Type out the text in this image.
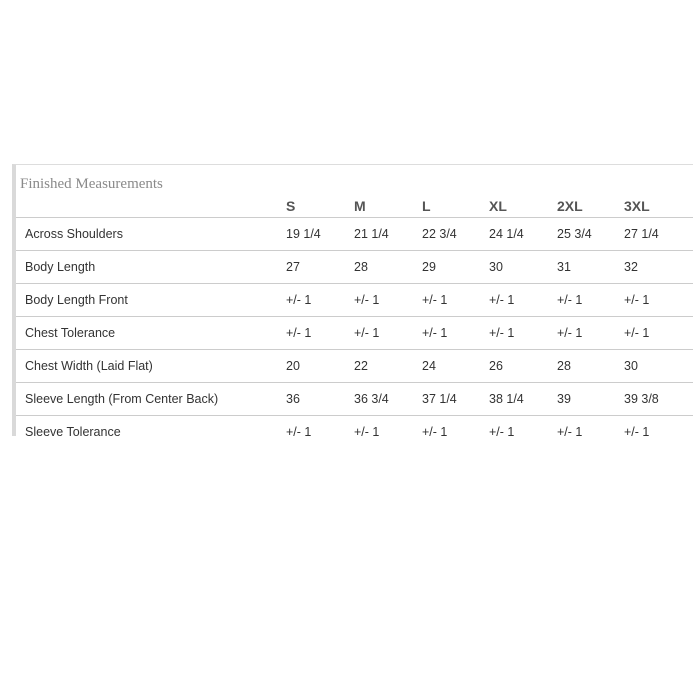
Finished Measurements
	S	M	L	XL	2XL	3XL
Across Shoulders	19 1/4	21 1/4	22 3/4	24 1/4	25 3/4	27 1/4
Body Length	27	28	29	30	31	32
Body Length Front	+/- 1	+/- 1	+/- 1	+/- 1	+/- 1	+/- 1
Chest Tolerance	+/- 1	+/- 1	+/- 1	+/- 1	+/- 1	+/- 1
Chest Width (Laid Flat)	20	22	24	26	28	30
Sleeve Length (From Center Back)	36	36 3/4	37 1/4	38 1/4	39	39 3/8
Sleeve Tolerance	+/- 1	+/- 1	+/- 1	+/- 1	+/- 1	+/- 1
